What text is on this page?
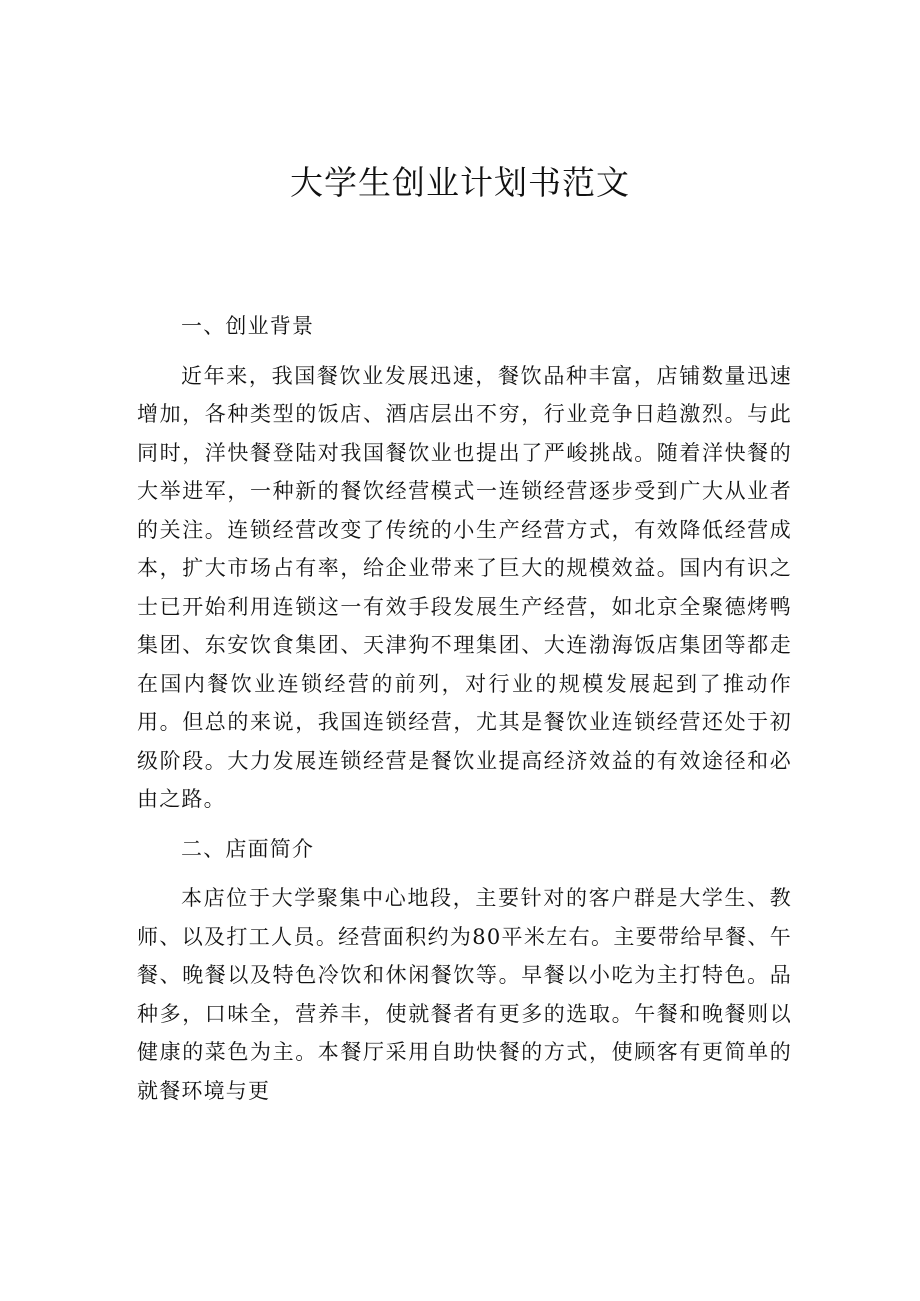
大学生创业计划书范文

一、创业背景

近年来，我国餐饮业发展迅速，餐饮品种丰富，店铺数量迅速增加，各种类型的饭店、酒店层出不穷，行业竞争日趋激烈。与此同时，洋快餐登陆对我国餐饮业也提出了严峻挑战。随着洋快餐的大举进军，一种新的餐饮经营模式一连锁经营逐步受到广大从业者的关注。连锁经营改变了传统的小生产经营方式，有效降低经营成本，扩大市场占有率，给企业带来了巨大的规模效益。国内有识之士已开始利用连锁这一有效手段发展生产经营，如北京全聚德烤鸭集团、东安饮食集团、天津狗不理集团、大连渤海饭店集团等都走在国内餐饮业连锁经营的前列，对行业的规模发展起到了推动作用。但总的来说，我国连锁经营，尤其是餐饮业连锁经营还处于初级阶段。大力发展连锁经营是餐饮业提高经济效益的有效途径和必由之路。

二、店面简介

本店位于大学聚集中心地段，主要针对的客户群是大学生、教师、以及打工人员。经营面积约为80平米左右。主要带给早餐、午餐、晚餐以及特色冷饮和休闲餐饮等。早餐以小吃为主打特色。品种多，口味全，营养丰，使就餐者有更多的选取。午餐和晚餐则以健康的菜色为主。本餐厅采用自助快餐的方式，使顾客有更简单的就餐环境与更
